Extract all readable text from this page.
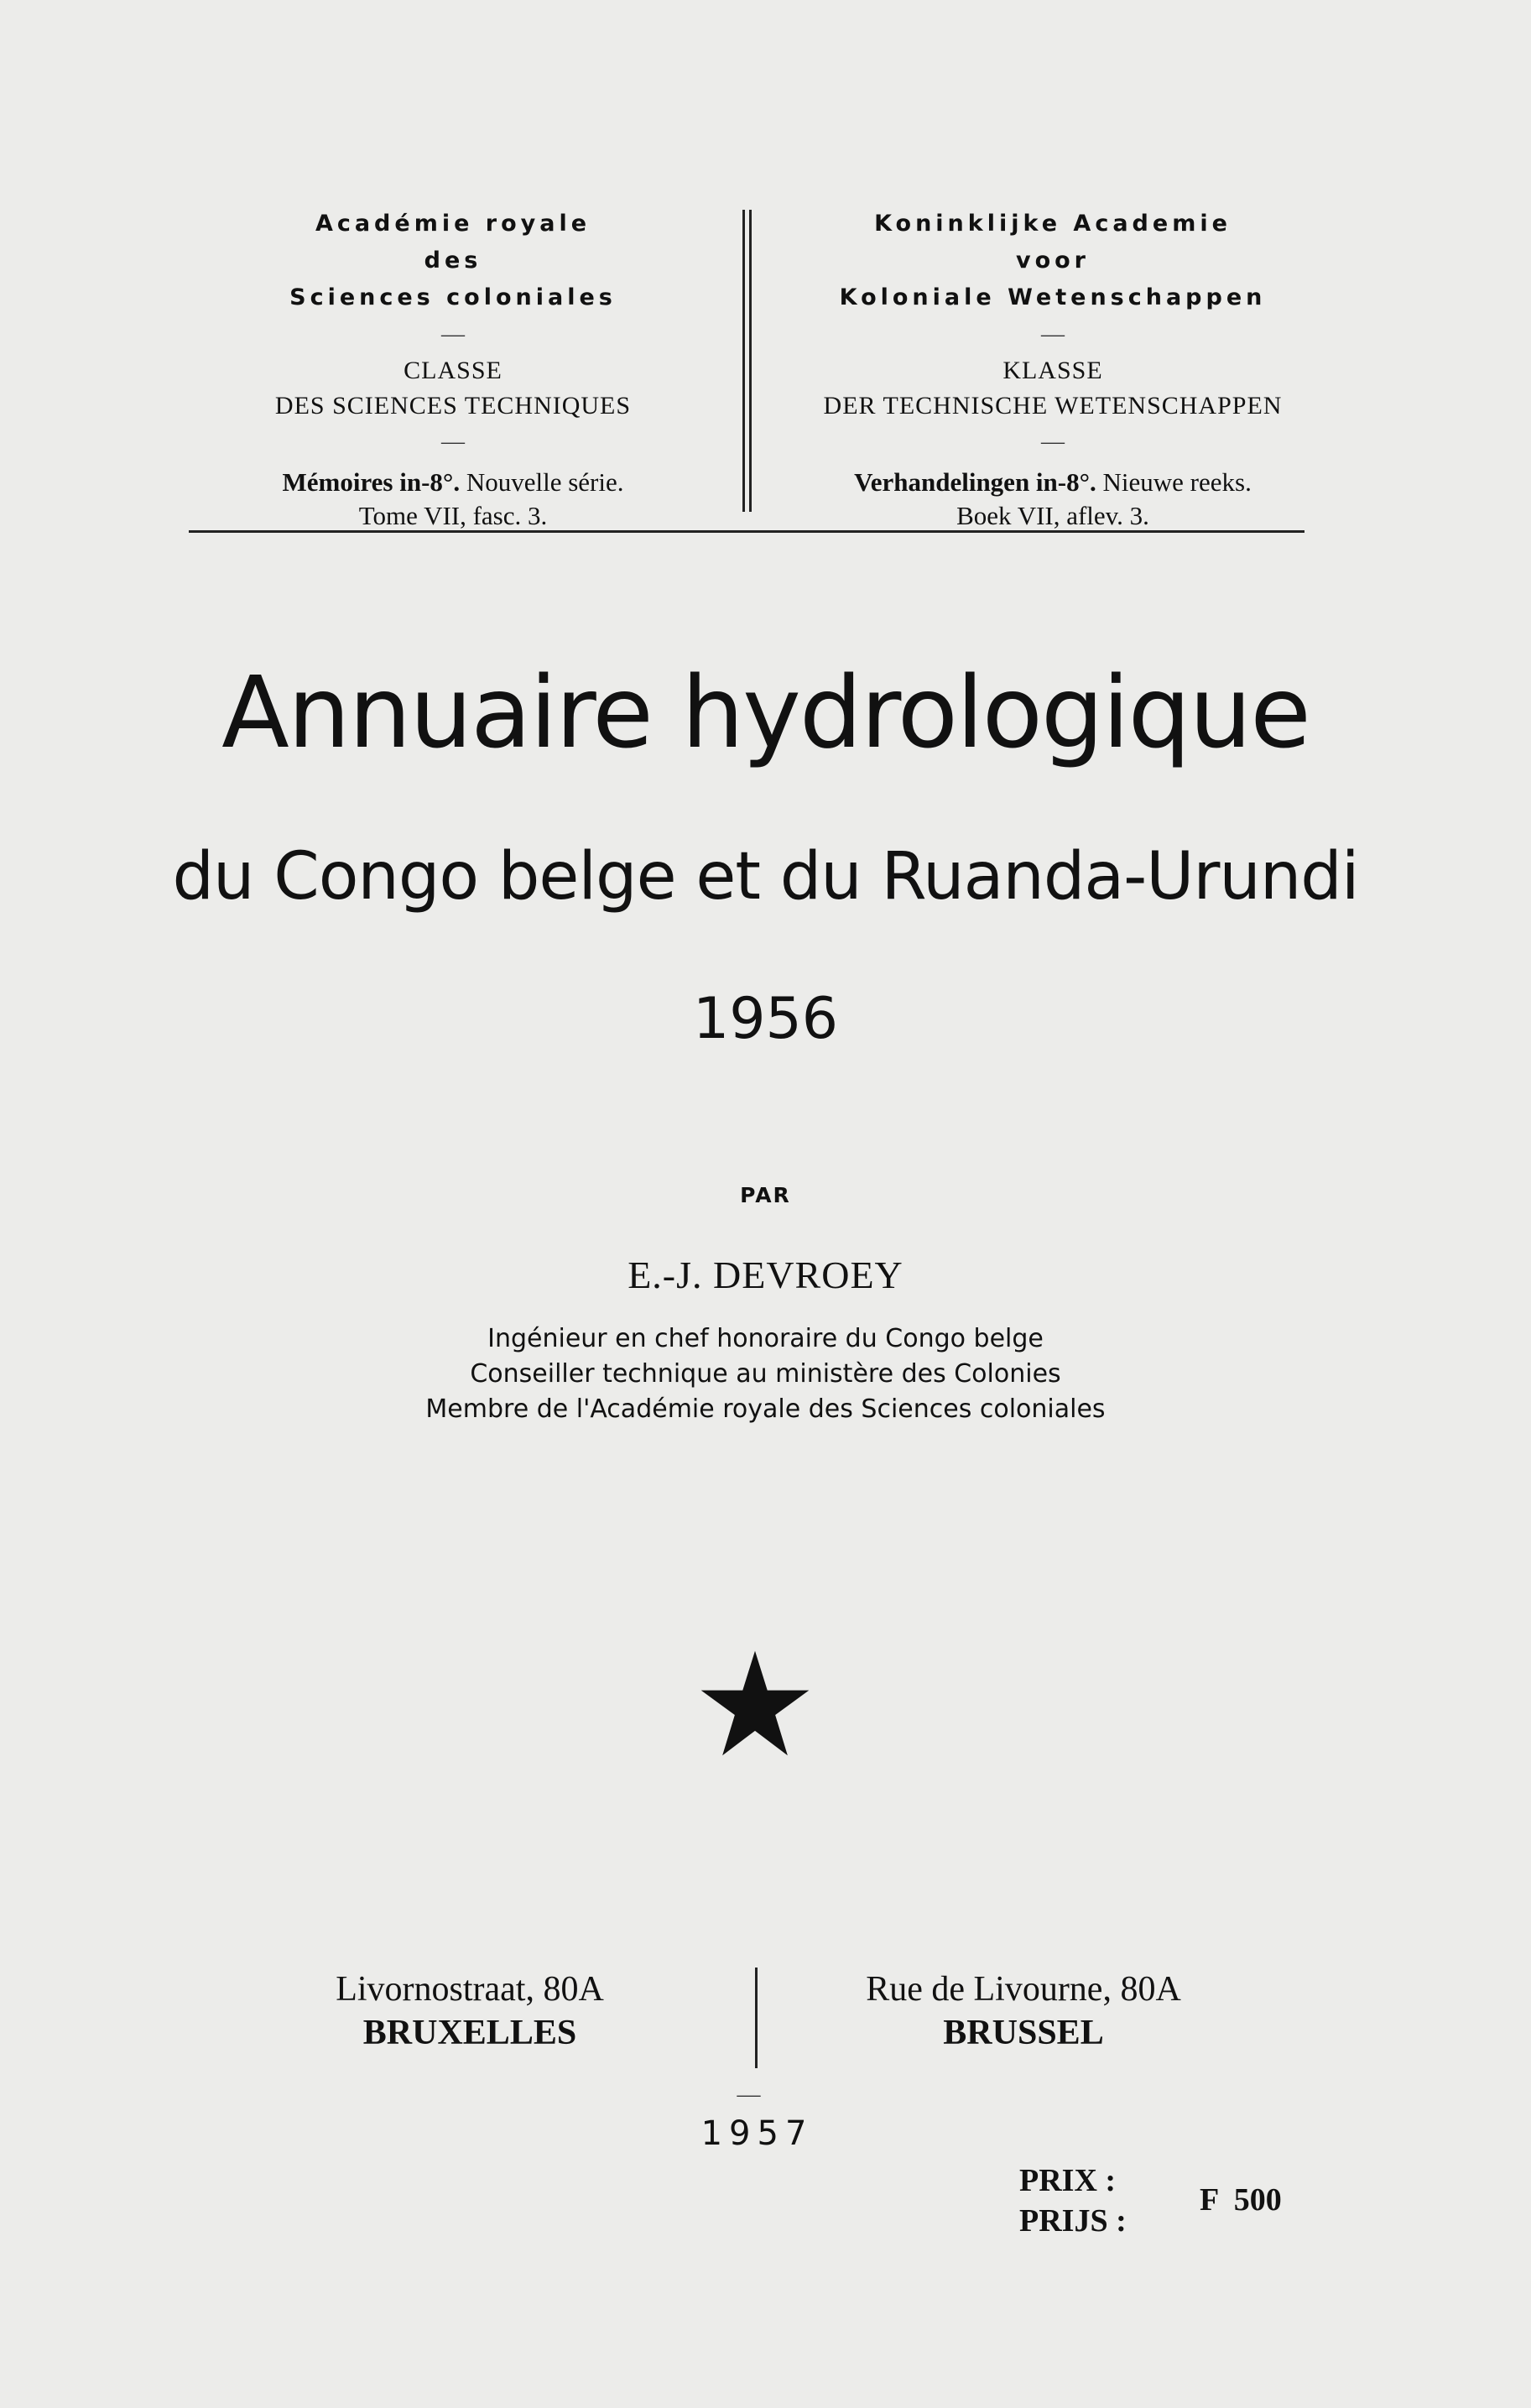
Académie royale
des
Sciences coloniales
—
CLASSE
DES SCIENCES TECHNIQUES
—
Mémoires in-8°. Nouvelle série.
Tome VII, fasc. 3.
Koninklijke Academie
voor
Koloniale Wetenschappen
—
KLASSE
DER TECHNISCHE WETENSCHAPPEN
—
Verhandelingen in-8°. Nieuwe reeks.
Boek VII, aflev. 3.
Annuaire hydrologique
du Congo belge et du Ruanda-Urundi
1956
PAR
E.-J. DEVROEY
Ingénieur en chef honoraire du Congo belge
Conseiller technique au ministère des Colonies
Membre de l'Académie royale des Sciences coloniales
Livornostraat, 80A
BRUXELLES
Rue de Livourne, 80A
BRUSSEL
—
1957
PRIX :
PRIJS :
F  500
